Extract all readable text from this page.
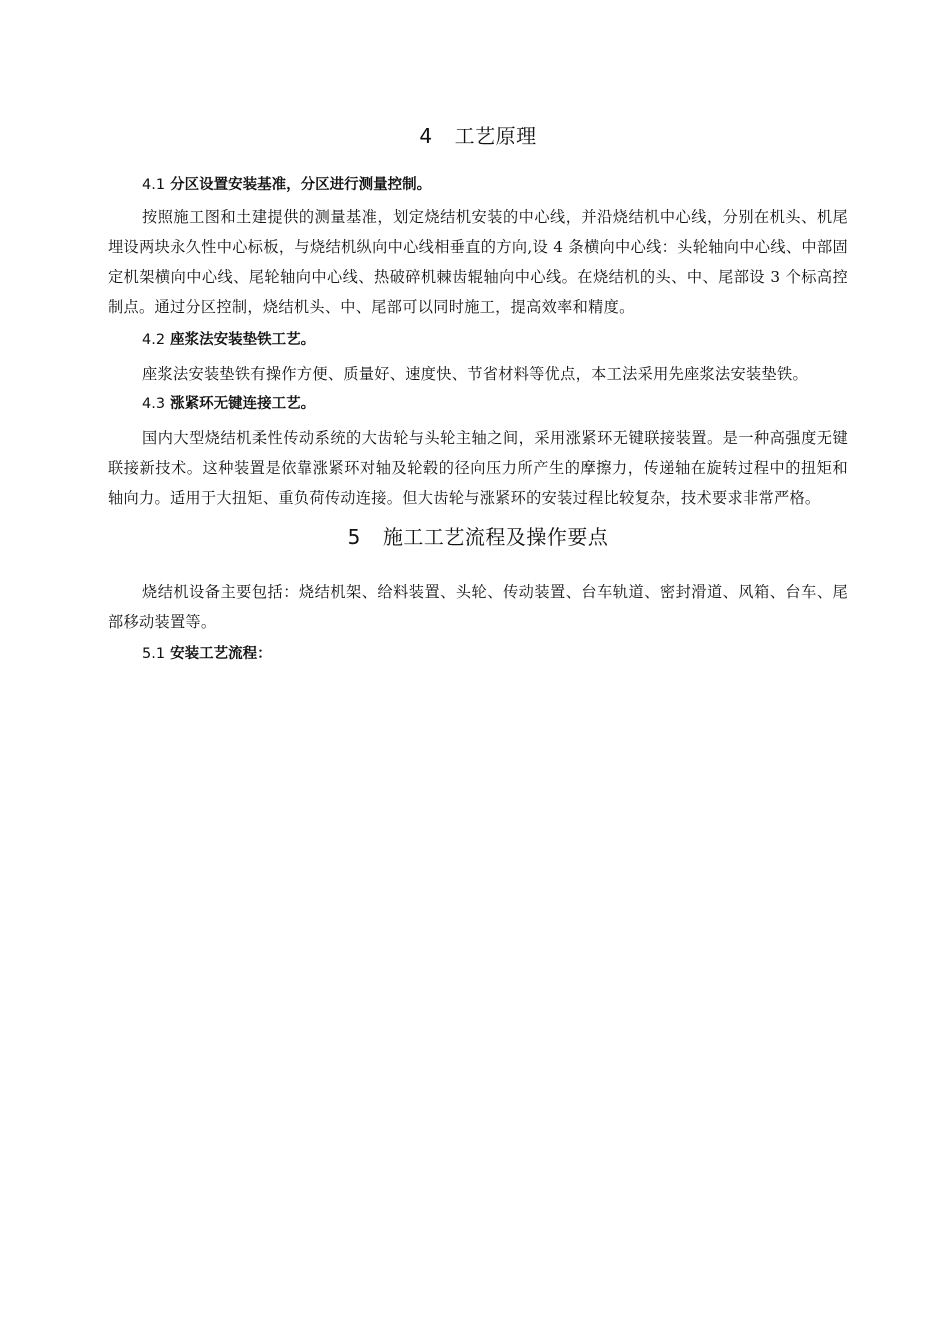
4 工艺原理
4.1 分区设置安装基准，分区进行测量控制。

按照施工图和土建提供的测量基准，划定烧结机安装的中心线，并沿烧结机中心线，分别在机头、机尾埋设两块永久性中心标板，与烧结机纵向中心线相垂直的方向,设 4 条横向中心线：头轮轴向中心线、中部固定机架横向中心线、尾轮轴向中心线、热破碎机棘齿辊轴向中心线。在烧结机的头、中、尾部设 3 个标高控制点。通过分区控制，烧结机头、中、尾部可以同时施工，提高效率和精度。

4.2 座浆法安装垫铁工艺。

座浆法安装垫铁有操作方便、质量好、速度快、节省材料等优点，本工法采用先座浆法安装垫铁。

4.3 涨紧环无键连接工艺。

国内大型烧结机柔性传动系统的大齿轮与头轮主轴之间，采用涨紧环无键联接装置。是一种高强度无键联接新技术。这种装置是依靠涨紧环对轴及轮毂的径向压力所产生的摩擦力，传递轴在旋转过程中的扭矩和轴向力。适用于大扭矩、重负荷传动连接。但大齿轮与涨紧环的安装过程比较复杂，技术要求非常严格。

5 施工工艺流程及操作要点

烧结机设备主要包括：烧结机架、给料装置、头轮、传动装置、台车轨道、密封滑道、风箱、台车、尾部移动装置等。

5.1 安装工艺流程：
